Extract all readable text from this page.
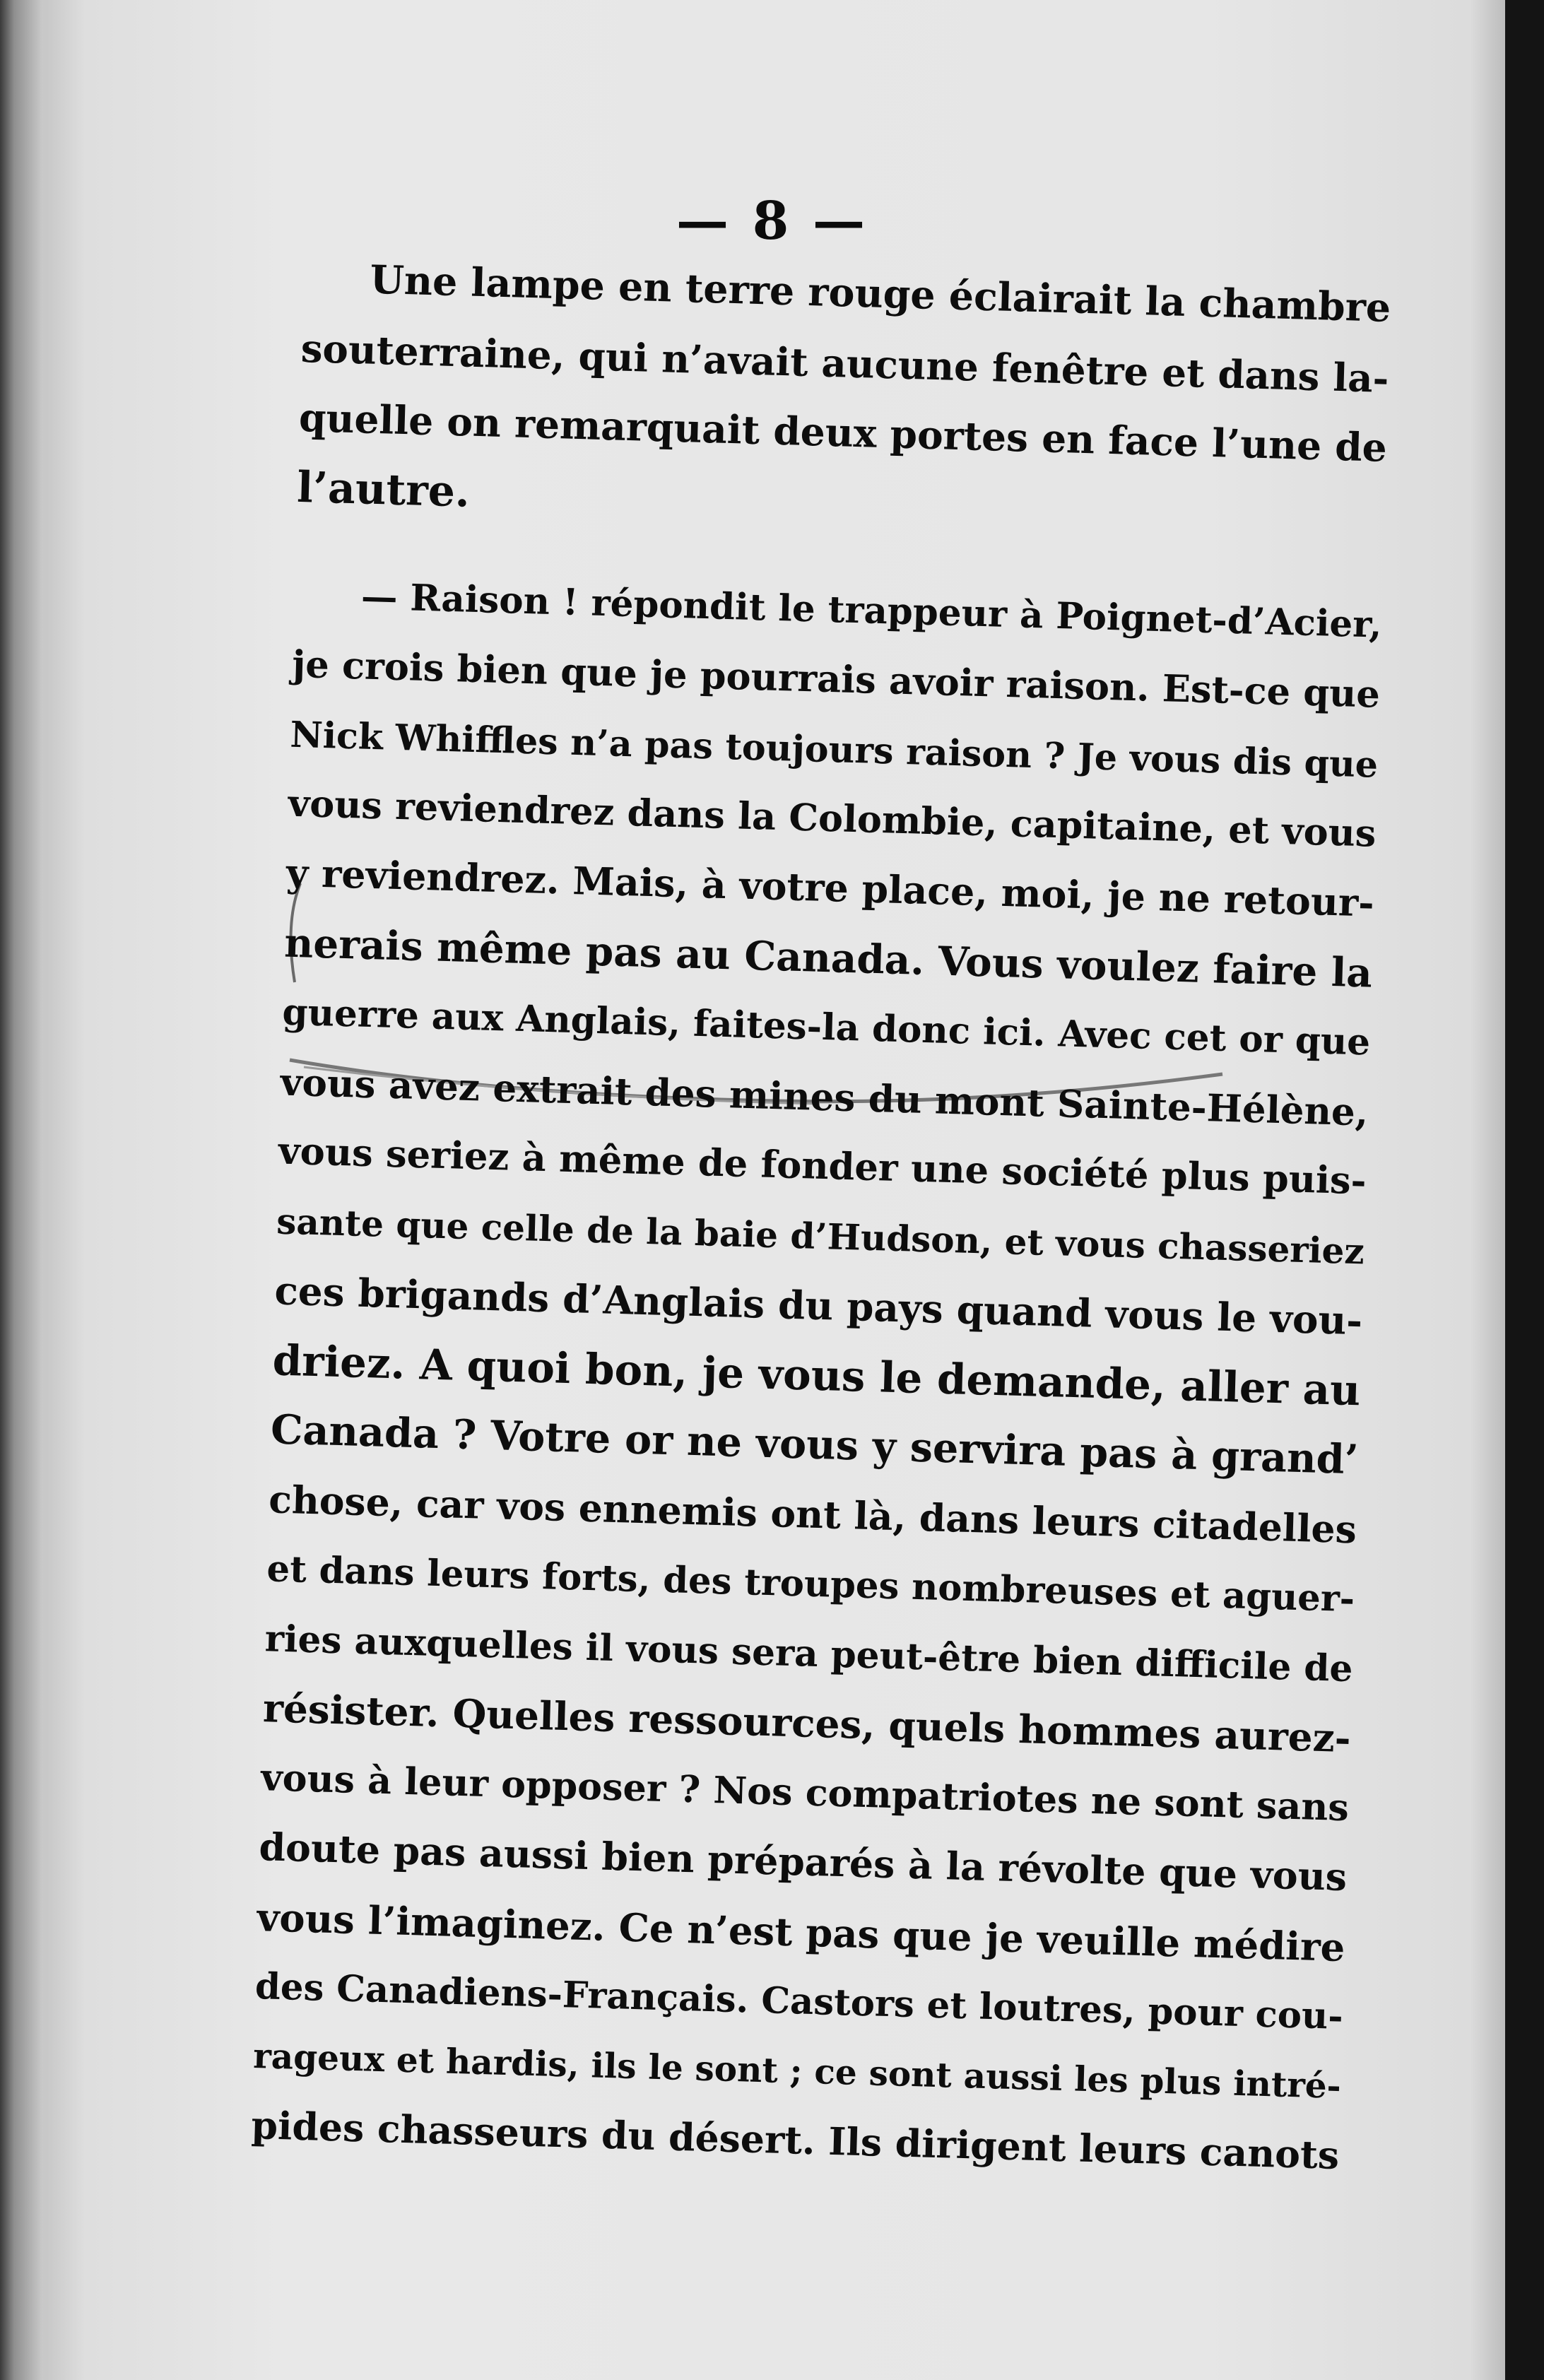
— 8 —
Une lampe en terre rouge éclairait la chambre
souterraine, qui n’avait aucune fenêtre et dans la-
quelle on remarquait deux portes en face l’une de
l’autre.
— Raison ! répondit le trappeur à Poignet-d’Acier,
je crois bien que je pourrais avoir raison. Est-ce que
Nick Whiffles n’a pas toujours raison ? Je vous dis que
vous reviendrez dans la Colombie, capitaine, et vous
y reviendrez. Mais, à votre place, moi, je ne retour-
nerais même pas au Canada. Vous voulez faire la
guerre aux Anglais, faites-la donc ici. Avec cet or que
vous avez extrait des mines du mont Sainte-Hélène,
vous seriez à même de fonder une société plus puis-
sante que celle de la baie d’Hudson, et vous chasseriez
ces brigands d’Anglais du pays quand vous le vou-
driez. A quoi bon, je vous le demande, aller au
Canada ? Votre or ne vous y servira pas à grand’
chose, car vos ennemis ont là, dans leurs citadelles
et dans leurs forts, des troupes nombreuses et aguer-
ries auxquelles il vous sera peut-être bien difficile de
résister. Quelles ressources, quels hommes aurez-
vous à leur opposer ? Nos compatriotes ne sont sans
doute pas aussi bien préparés à la révolte que vous
vous l’imaginez. Ce n’est pas que je veuille médire
des Canadiens-Français. Castors et loutres, pour cou-
rageux et hardis, ils le sont ; ce sont aussi les plus intré-
pides chasseurs du désert. Ils dirigent leurs canots
